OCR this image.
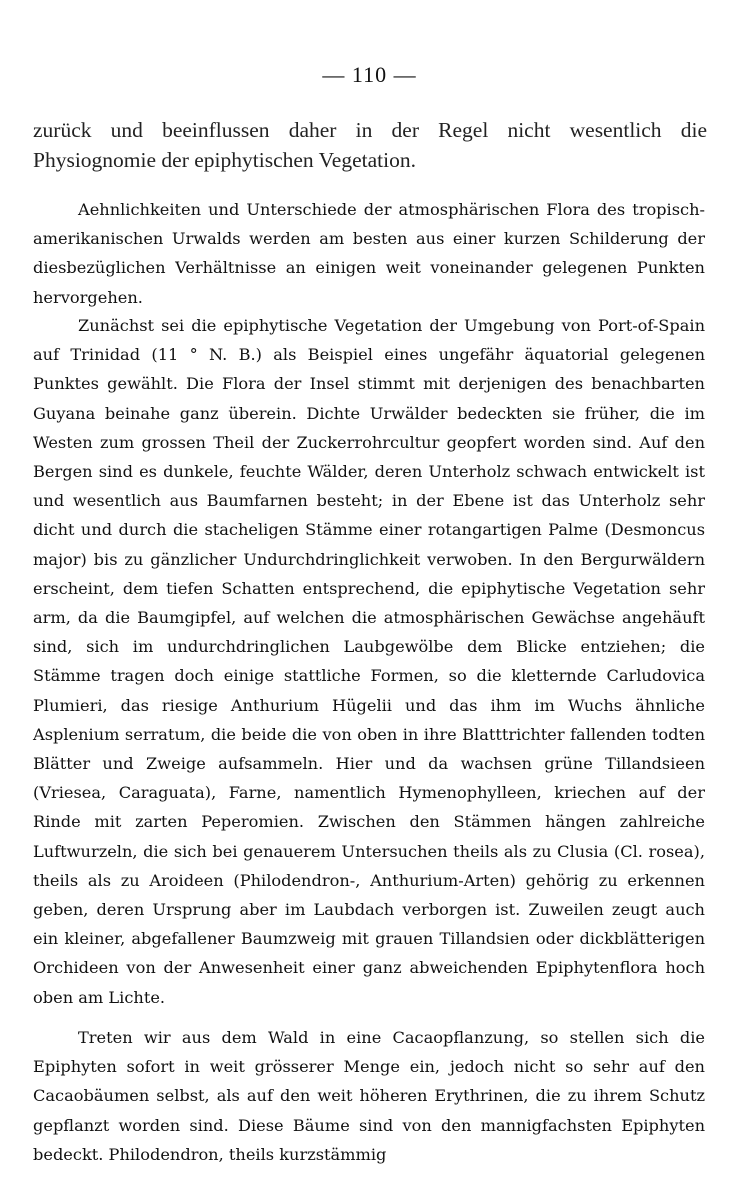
— 110 —
zurück und beeinflussen daher in der Regel nicht wesentlich die Physiognomie der epiphytischen Vegetation.
Aehnlichkeiten und Unterschiede der atmosphärischen Flora des tropisch-amerikanischen Urwalds werden am besten aus einer kurzen Schilderung der diesbezüglichen Verhältnisse an einigen weit voneinander gelegenen Punkten hervorgehen.
Zunächst sei die epiphytische Vegetation der Umgebung von Port-of-Spain auf Trinidad (11 ° N. B.) als Beispiel eines ungefähr äquatorial gelegenen Punktes gewählt. Die Flora der Insel stimmt mit derjenigen des benachbarten Guyana beinahe ganz überein. Dichte Urwälder bedeckten sie früher, die im Westen zum grossen Theil der Zuckerrohrcultur geopfert worden sind. Auf den Bergen sind es dunkele, feuchte Wälder, deren Unterholz schwach entwickelt ist und wesentlich aus Baumfarnen besteht; in der Ebene ist das Unterholz sehr dicht und durch die stacheligen Stämme einer rotangartigen Palme (Desmoncus major) bis zu gänzlicher Undurchdringlichkeit verwoben. In den Bergurwäldern erscheint, dem tiefen Schatten entsprechend, die epiphytische Vegetation sehr arm, da die Baumgipfel, auf welchen die atmosphärischen Gewächse angehäuft sind, sich im undurchdringlichen Laubgewölbe dem Blicke entziehen; die Stämme tragen doch einige stattliche Formen, so die kletternde Carludovica Plumieri, das riesige Anthurium Hügelii und das ihm im Wuchs ähnliche Asplenium serratum, die beide die von oben in ihre Blatttrichter fallenden todten Blätter und Zweige aufsammeln. Hier und da wachsen grüne Tillandsieen (Vriesea, Caraguata), Farne, namentlich Hymenophylleen, kriechen auf der Rinde mit zarten Peperomien. Zwischen den Stämmen hängen zahlreiche Luftwurzeln, die sich bei genauerem Untersuchen theils als zu Clusia (Cl. rosea), theils als zu Aroideen (Philodendron-, Anthurium-Arten) gehörig zu erkennen geben, deren Ursprung aber im Laubdach verborgen ist. Zuweilen zeugt auch ein kleiner, abgefallener Baumzweig mit grauen Tillandsien oder dickblätterigen Orchideen von der Anwesenheit einer ganz abweichenden Epiphytenflora hoch oben am Lichte.
Treten wir aus dem Wald in eine Cacaopflanzung, so stellen sich die Epiphyten sofort in weit grösserer Menge ein, jedoch nicht so sehr auf den Cacaobäumen selbst, als auf den weit höheren Erythrinen, die zu ihrem Schutz gepflanzt worden sind. Diese Bäume sind von den mannigfachsten Epiphyten bedeckt. Philodendron, theils kurzstämmig
